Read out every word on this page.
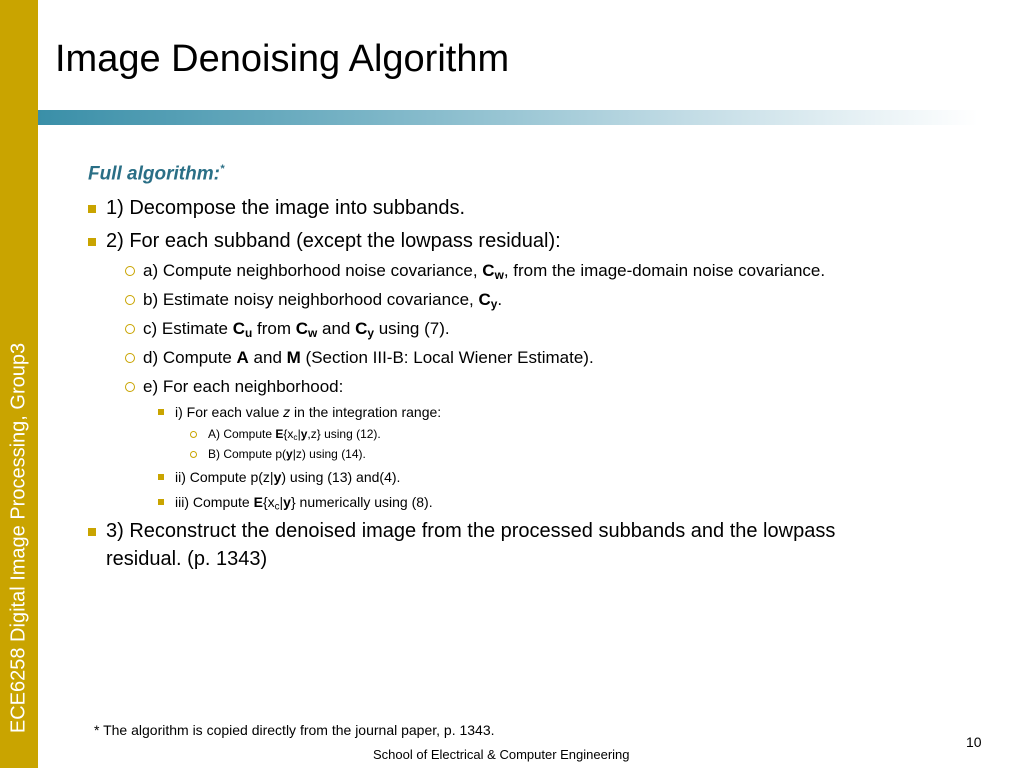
ECE6258 Digital Image Processing, Group3
Image Denoising Algorithm
Full algorithm:*
1) Decompose the image into subbands.
2) For each subband (except the lowpass residual):
a) Compute neighborhood noise covariance, $C_w$, from the image-domain noise covariance.
b) Estimate noisy neighborhood covariance, $C_y$.
c) Estimate $C_u$ from $C_w$ and $C_y$ using (7).
d) Compute A and M (Section III-B: Local Wiener Estimate).
e) For each neighborhood:
i) For each value z in the integration range:
A) Compute $E\{x_c|y,z\}$ using (12).
B) Compute p(y|z) using (14).
ii) Compute p(z|y) using (13) and(4).
iii) Compute $E\{x_c|y\}$ numerically using (8).
3) Reconstruct the denoised image from the processed subbands and the lowpass
residual. (p. 1343)
* The algorithm is copied directly from the journal paper, p. 1343.
10
School of Electrical & Computer Engineering
